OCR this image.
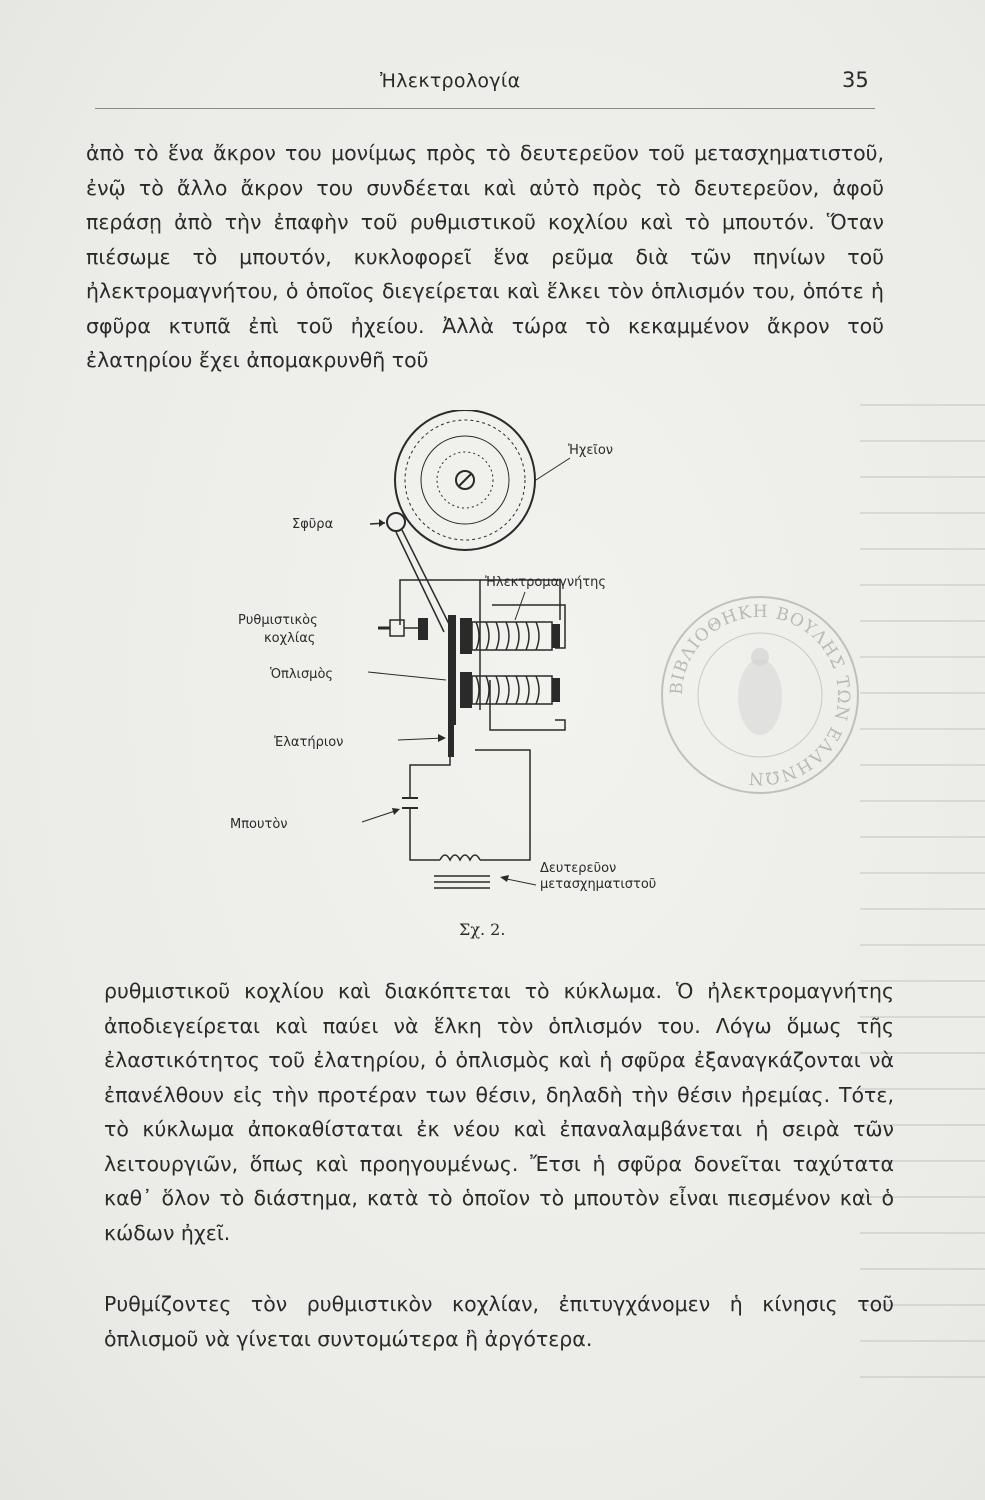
Ἠλεκτρολογία	35

ἀπὸ τὸ ἕνα ἄκρον του μονίμως πρὸς τὸ δευτερεῦον τοῦ μετασχηματιστοῦ, ἐνῷ τὸ ἄλλο ἄκρον του συνδέεται καὶ αὐτὸ πρὸς τὸ δευτερεῦον, ἀφοῦ περάσῃ ἀπὸ τὴν ἐπαφὴν τοῦ ρυθμιστικοῦ κοχλίου καὶ τὸ μπουτόν. Ὅταν πιέσωμε τὸ μπουτόν, κυκλοφορεῖ ἕνα ρεῦμα διὰ τῶν πηνίων τοῦ ἠλεκτρομαγνήτου, ὁ ὁποῖος διεγείρεται καὶ ἕλκει τὸν ὁπλισμόν του, ὁπότε ἡ σφῦρα κτυπᾶ ἐπὶ τοῦ ἠχείου. Ἀλλὰ τώρα τὸ κεκαμμένον ἄκρον τοῦ ἐλατηρίου ἔχει ἀπομακρυνθῆ τοῦ

Ἠχεῖον
Σφῦρα
Ρυθμιστικὸς
κοχλίας
Ἠλεκτρομαγνήτης
Ὁπλισμὸς
Ἐλατήριον
Μπουτὸν
Δευτερεῦον
μετασχηματιστοῦ
Σχ. 2.
ΒΙΒΛΙΟΘΗΚΗ ΒΟΥΛΗΣ ΤΩΝ ΕΛΛΗΝΩΝ

ρυθμιστικοῦ κοχλίου καὶ διακόπτεται τὸ κύκλωμα. Ὁ ἠλεκτρομαγνήτης ἀποδιεγείρεται καὶ παύει νὰ ἕλκη τὸν ὁπλισμόν του. Λόγω ὅμως τῆς ἐλαστικότητος τοῦ ἐλατηρίου, ὁ ὁπλισμὸς καὶ ἡ σφῦρα ἐξαναγκάζονται νὰ ἐπανέλθουν εἰς τὴν προτέραν των θέσιν, δηλαδὴ τὴν θέσιν ἠρεμίας. Τότε, τὸ κύκλωμα ἀποκαθίσταται ἐκ νέου καὶ ἐπαναλαμβάνεται ἡ σειρὰ τῶν λειτουργιῶν, ὅπως καὶ προηγουμένως. Ἔτσι ἡ σφῦρα δονεῖται ταχύτατα καθ᾽ ὅλον τὸ διάστημα, κατὰ τὸ ὁποῖον τὸ μπουτὸν εἶναι πιεσμένον καὶ ὁ κώδων ἠχεῖ.

Ρυθμίζοντες τὸν ρυθμιστικὸν κοχλίαν, ἐπιτυγχάνομεν ἡ κίνησις τοῦ ὁπλισμοῦ νὰ γίνεται συντομώτερα ἢ ἀργότερα.
